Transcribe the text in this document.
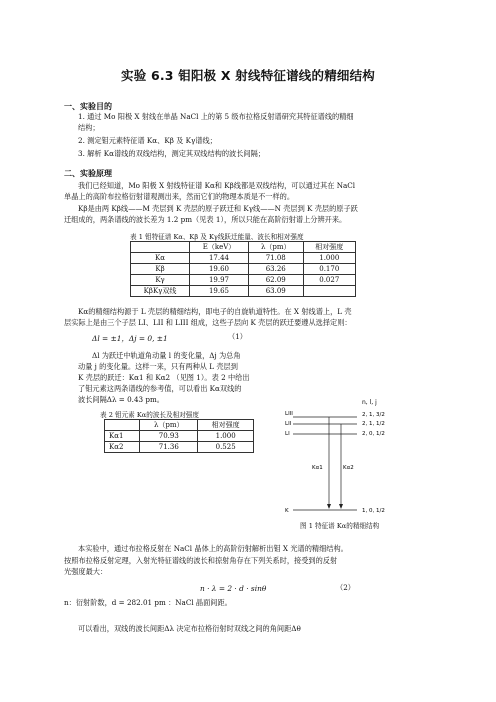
实验 6.3 钼阳极 X 射线特征谱线的精细结构
一、实验目的
1. 通过 Mo 阳极 X 射线在单晶 NaCl 上的第 5 级布拉格反射谱研究其特征谱线的精细
结构；
2. 测定钼元素特征谱 Kα、Kβ 及 Kγ谱线；
3. 解析 Kα谱线的双线结构，测定其双线结构的波长间隔；
二、实验原理
我们已经知道，Mo 阳极 X 射线特征谱 Kα和 Kβ线都是双线结构，可以通过其在 NaCl
单晶上的高阶布拉格衍射谱观测出来，然而它们的物理本质是不一样的。
Kβ是由两 Kβ线——M 壳层到 K 壳层的原子跃迁和 Kγ线——N 壳层到 K 壳层的原子跃
迁组成的，两条谱线的波长差为 1.2 pm（见表 1），所以只能在高阶衍射谱上分辨开来。
表 1 钼特征谱 Kα、Kβ 及 Kγ线跃迁能量、波长和相对强度
	E（keV）	λ（pm）	相对强度
Kα	17.44	71.08	1.000
Kβ	19.60	63.26	0.170
Kγ	19.97	62.09	0.027
KβKγ双线	19.65	63.09	
Kα的精细结构源于 L 壳层的精细结构，即电子的自旋轨道特性。在 X 射线谱上，L 壳
层实际上是由三个子层 LI、LII 和 LIII 组成，这些子层向 K 壳层的跃迁要遵从选择定则：
Δl = ±1，Δj = 0, ±1	（1）
Δl 为跃迁中轨道角动量 l 的变化量，Δj 为总角
动量 j 的变化量。这样一来，只有两种从 L 壳层到
K 壳层的跃迁：Kα1 和 Kα2 （见图 1）。表 2 中给出
了钼元素这两条谱线的参考值，可以看出 Kα双线的
波长间隔Δλ = 0.43 pm。
表 2 钼元素 Kα的波长及相对强度
	λ（pm）	相对强度
Kα1	70.93	1.000
Kα2	71.36	0.525
n, l, j
LIII
LII
LI
K
2, 1, 3/2
2, 1, 1/2
2, 0, 1/2
1, 0, 1/2
Kα1	Kα2
图 1 特征谱 Kα的精细结构
本实验中，通过布拉格反射在 NaCl 晶体上的高阶衍射解析出钼 X 光谱的精细结构。
按照布拉格反射定理，入射光特征谱线的波长和掠射角存在下列关系时，接受到的反射
光强度最大：
n · λ = 2 · d · sinθ	（2）
n：衍射阶数，d = 282.01 pm ：NaCl 晶面间距。
可以看出，双线的波长间距Δλ 决定布拉格衍射时双线之间的角间距Δθ
